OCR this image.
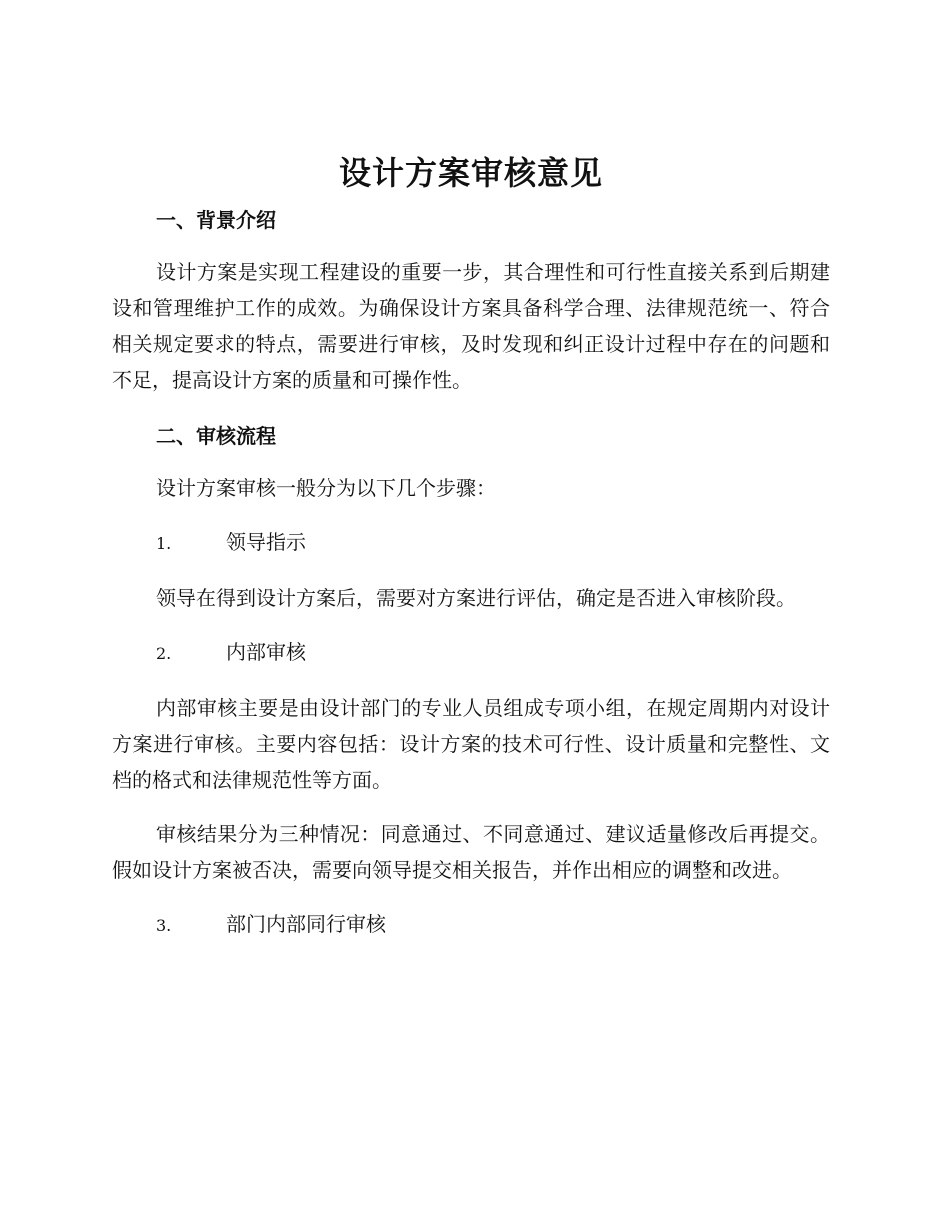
设计方案审核意见
一、背景介绍

设计方案是实现工程建设的重要一步，其合理性和可行性直接关系到后期建设和管理维护工作的成效。为确保设计方案具备科学合理、法律规范统一、符合相关规定要求的特点，需要进行审核，及时发现和纠正设计过程中存在的问题和不足，提高设计方案的质量和可操作性。

二、审核流程

设计方案审核一般分为以下几个步骤：

1.	领导指示

领导在得到设计方案后，需要对方案进行评估，确定是否进入审核阶段。

2.	内部审核

内部审核主要是由设计部门的专业人员组成专项小组，在规定周期内对设计方案进行审核。主要内容包括：设计方案的技术可行性、设计质量和完整性、文档的格式和法律规范性等方面。

审核结果分为三种情况：同意通过、不同意通过、建议适量修改后再提交。假如设计方案被否决，需要向领导提交相关报告，并作出相应的调整和改进。

3.	部门内部同行审核
